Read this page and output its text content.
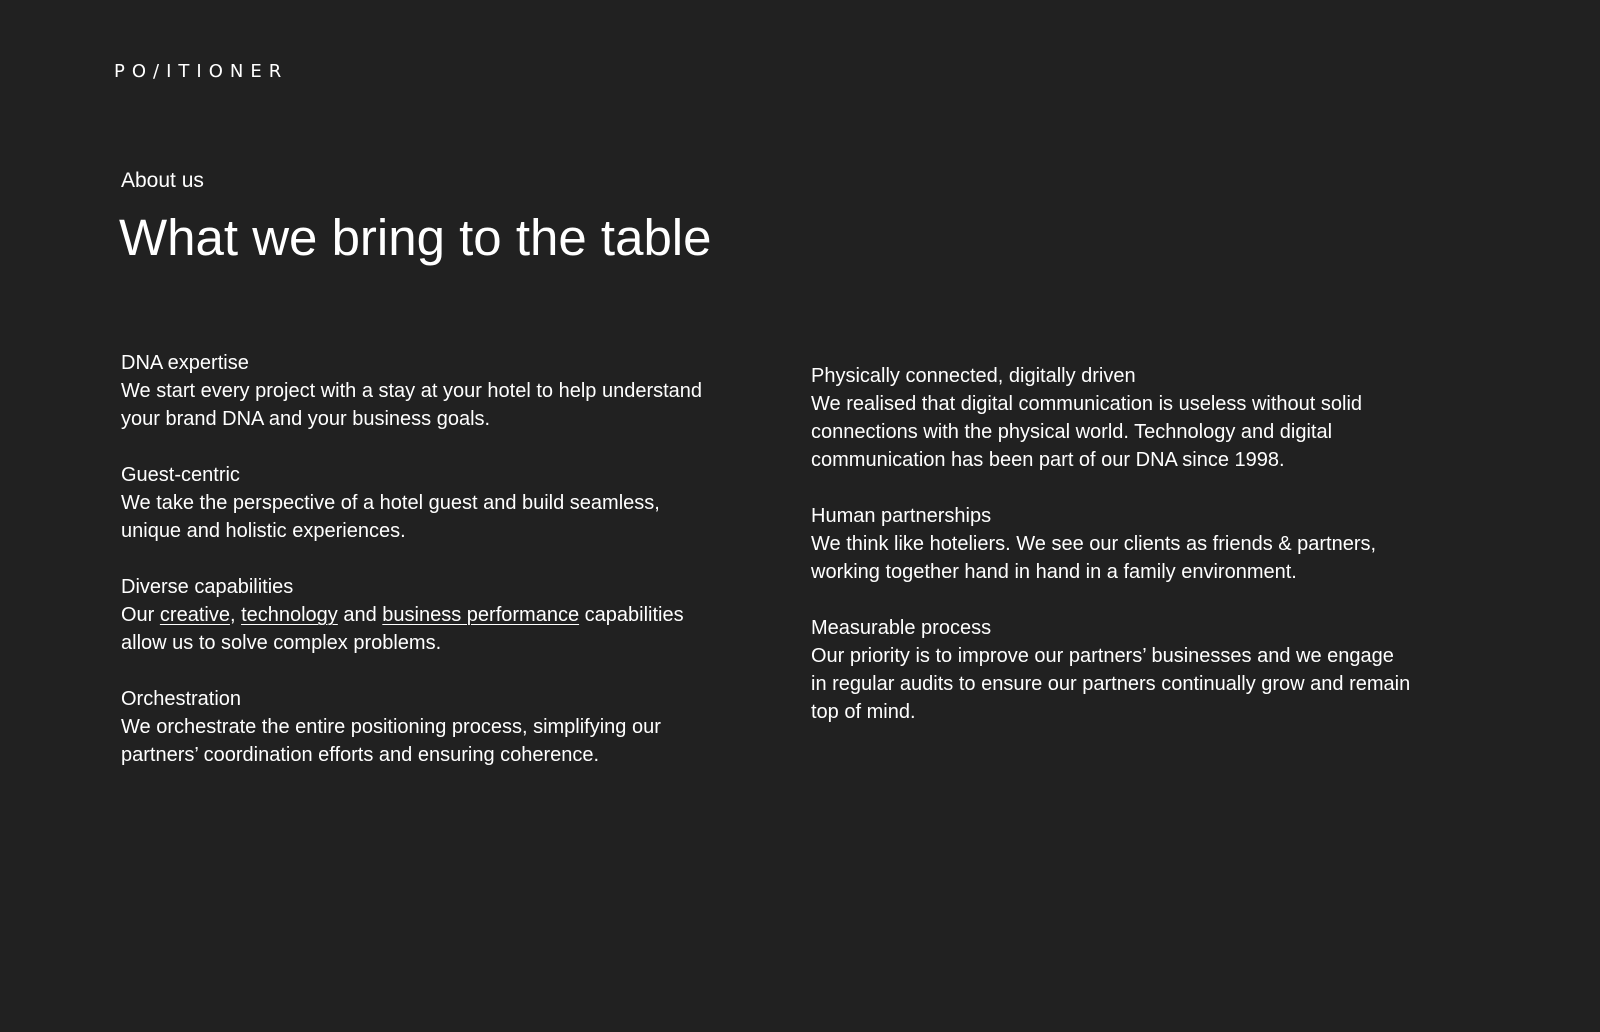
PO/ITIONER
About us
What we bring to the table
DNA expertise
We start every project with a stay at your hotel to help understand
your brand DNA and your business goals.
Guest-centric
We take the perspective of a hotel guest and build seamless,
unique and holistic experiences.
Diverse capabilities
Our creative, technology and business performance capabilities
allow us to solve complex problems.
Orchestration
We orchestrate the entire positioning process, simplifying our
partners’ coordination efforts and ensuring coherence.
Physically connected, digitally driven
We realised that digital communication is useless without solid
connections with the physical world. Technology and digital
communication has been part of our DNA since 1998.
Human partnerships
We think like hoteliers. We see our clients as friends & partners,
working together hand in hand in a family environment.
Measurable process
Our priority is to improve our partners’ businesses and we engage
in regular audits to ensure our partners continually grow and remain
top of mind.
